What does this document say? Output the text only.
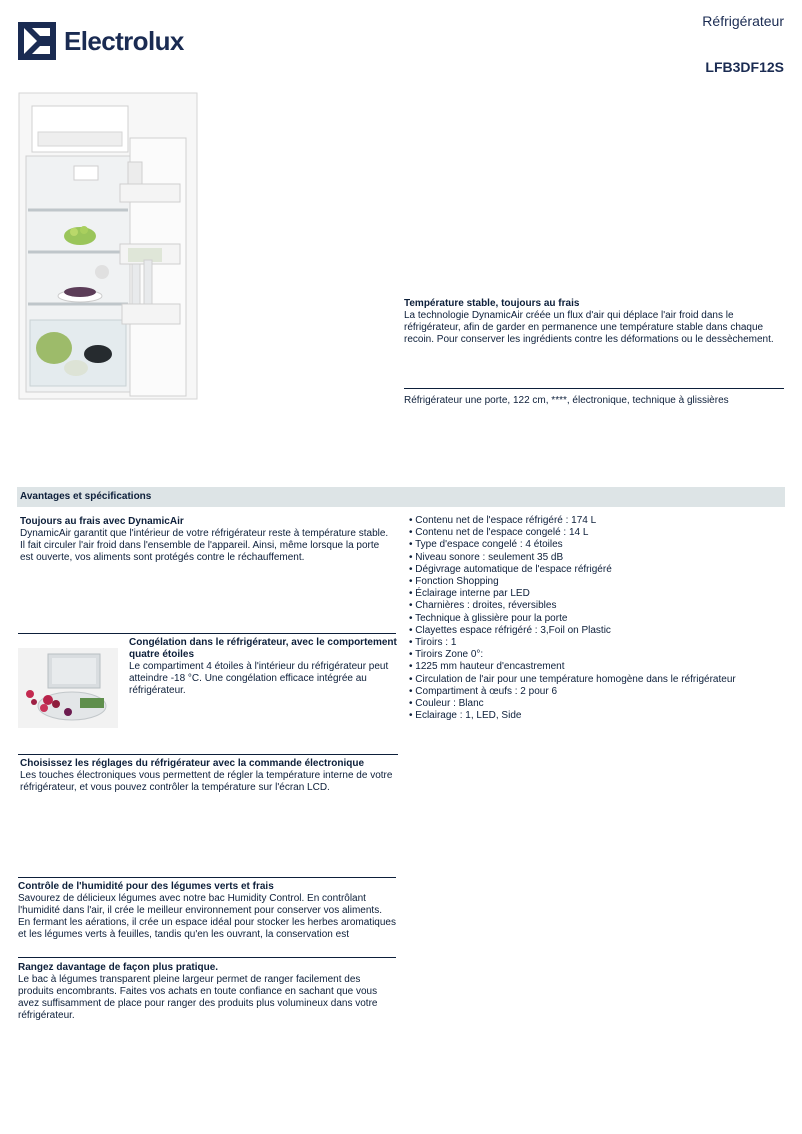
Electrolux
Réfrigérateur
LFB3DF12S
Température stable, toujours au frais

La technologie DynamicAir créée un flux d'air qui déplace l'air froid dans le réfrigérateur, afin de garder en permanence une température stable dans chaque recoin. Pour conserver les ingrédients contre les déformations ou le dessèchement.

Réfrigérateur une porte, 122 cm, ****, électronique, technique à glissières
Avantages et spécifications
Toujours au frais avec DynamicAir

DynamicAir garantit que l'intérieur de votre réfrigérateur reste à température stable. Il fait circuler l'air froid dans l'ensemble de l'appareil. Ainsi, même lorsque la porte est ouverte, vos aliments sont protégés contre le réchauffement.

Congélation dans le réfrigérateur, avec le comportement quatre étoiles

Le compartiment 4 étoiles à l'intérieur du réfrigérateur peut atteindre -18 °C. Une congélation efficace intégrée au réfrigérateur.

Choisissez les réglages du réfrigérateur avec la commande électronique

Les touches électroniques vous permettent de régler la température interne de votre réfrigérateur, et vous pouvez contrôler la température sur l'écran LCD.

Contrôle de l'humidité pour des légumes verts et frais

Savourez de délicieux légumes avec notre bac Humidity Control. En contrôlant l'humidité dans l'air, il crée le meilleur environnement pour conserver vos aliments. En fermant les aérations, il crée un espace idéal pour stocker les herbes aromatiques et les légumes verts à feuilles, tandis qu'en les ouvrant, la conservation est

Rangez davantage de façon plus pratique.

Le bac à légumes transparent pleine largeur permet de ranger facilement des produits encombrants. Faites vos achats en toute confiance en sachant que vous avez suffisamment de place pour ranger des produits plus volumineux dans votre réfrigérateur.

• Contenu net de l'espace réfrigéré : 174 L
• Contenu net de l'espace congelé : 14 L
• Type d'espace congelé : 4 étoiles
• Niveau sonore : seulement 35 dB
• Dégivrage automatique de l'espace réfrigéré
• Fonction Shopping
• Éclairage interne par LED
• Charnières : droites, réversibles
• Technique à glissière pour la porte
• Clayettes espace réfrigéré : 3,Foil on Plastic
• Tiroirs : 1
• Tiroirs Zone 0°:
• 1225 mm hauteur d'encastrement
• Circulation de l'air pour une température homogène dans le réfrigérateur
• Compartiment à œufs : 2 pour 6
• Couleur : Blanc
• Eclairage : 1, LED, Side
